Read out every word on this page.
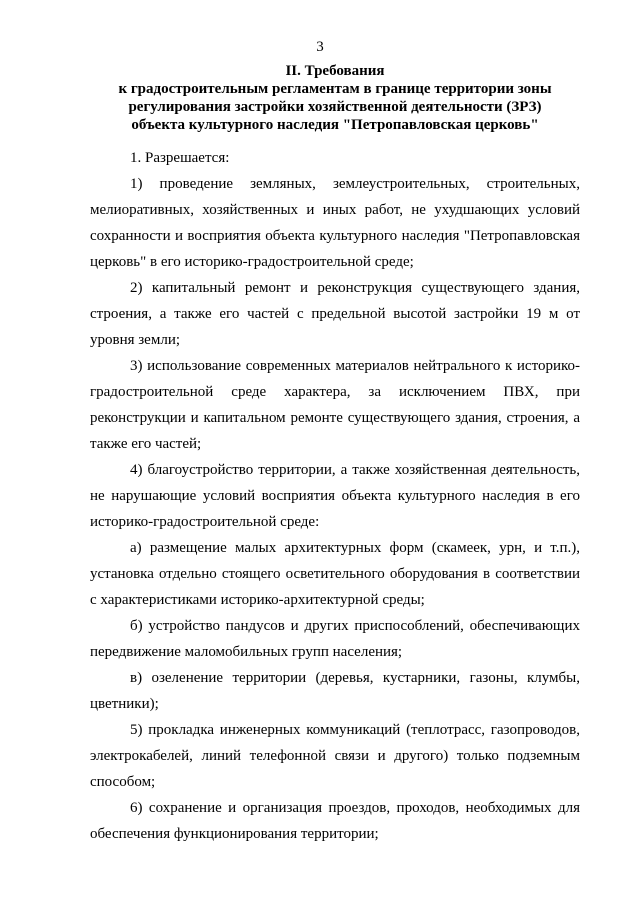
3
II. Требования
к градостроительным регламентам в границе территории зоны
регулирования застройки хозяйственной деятельности (ЗРЗ)
объекта культурного наследия "Петропавловская церковь"

1. Разрешается:

1) проведение земляных, землеустроительных, строительных, мелиоративных, хозяйственных и иных работ, не ухудшающих условий сохранности и восприятия объекта культурного наследия "Петропавловская церковь" в его историко-градостроительной среде;

2) капитальный ремонт и реконструкция существующего здания, строения, а также его частей с предельной высотой застройки 19 м от уровня земли;

3) использование современных материалов нейтрального к историко-градостроительной среде характера, за исключением ПВХ, при реконструкции и капитальном ремонте существующего здания, строения, а также его частей;

4) благоустройство территории, а также хозяйственная деятельность, не нарушающие условий восприятия объекта культурного наследия в его историко-градостроительной среде:

а) размещение малых архитектурных форм (скамеек, урн, и т.п.), установка отдельно стоящего осветительного оборудования в соответствии с характеристиками историко-архитектурной среды;

б) устройство пандусов и других приспособлений, обеспечивающих передвижение маломобильных групп населения;

в) озеленение территории (деревья, кустарники, газоны, клумбы, цветники);

5) прокладка инженерных коммуникаций (теплотрасс, газопроводов, электрокабелей, линий телефонной связи и другого) только подземным способом;

6) сохранение и организация проездов, проходов, необходимых для обеспечения функционирования территории;
